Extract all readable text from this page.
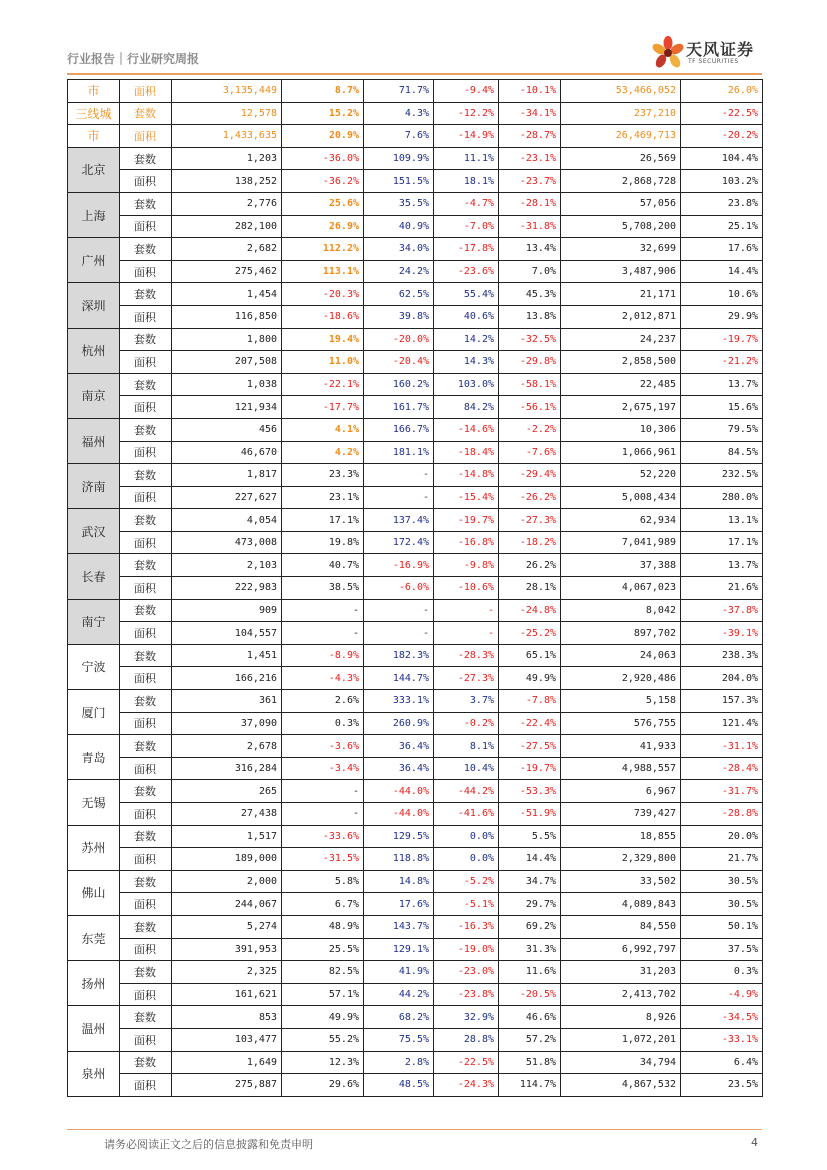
行业报告｜行业研究周报	天风证券
TF SECURITIES
市	面积	3,135,449	8.7%	71.7%	-9.4%	-10.1%	53,466,052	26.0%
三线城	套数	12,578	15.2%	4.3%	-12.2%	-34.1%	237,210	-22.5%
市	面积	1,433,635	20.9%	7.6%	-14.9%	-28.7%	26,469,713	-20.2%
北京	套数	1,203	-36.0%	109.9%	11.1%	-23.1%	26,569	104.4%
	面积	138,252	-36.2%	151.5%	18.1%	-23.7%	2,868,728	103.2%
上海	套数	2,776	25.6%	35.5%	-4.7%	-28.1%	57,056	23.8%
	面积	282,100	26.9%	40.9%	-7.0%	-31.8%	5,708,200	25.1%
广州	套数	2,682	112.2%	34.0%	-17.8%	13.4%	32,699	17.6%
	面积	275,462	113.1%	24.2%	-23.6%	7.0%	3,487,906	14.4%
深圳	套数	1,454	-20.3%	62.5%	55.4%	45.3%	21,171	10.6%
	面积	116,850	-18.6%	39.8%	40.6%	13.8%	2,012,871	29.9%
杭州	套数	1,800	19.4%	-20.0%	14.2%	-32.5%	24,237	-19.7%
	面积	207,508	11.0%	-20.4%	14.3%	-29.8%	2,858,500	-21.2%
南京	套数	1,038	-22.1%	160.2%	103.0%	-58.1%	22,485	13.7%
	面积	121,934	-17.7%	161.7%	84.2%	-56.1%	2,675,197	15.6%
福州	套数	456	4.1%	166.7%	-14.6%	-2.2%	10,306	79.5%
	面积	46,670	4.2%	181.1%	-18.4%	-7.6%	1,066,961	84.5%
济南	套数	1,817	23.3%	-	-14.8%	-29.4%	52,220	232.5%
	面积	227,627	23.1%	-	-15.4%	-26.2%	5,008,434	280.0%
武汉	套数	4,054	17.1%	137.4%	-19.7%	-27.3%	62,934	13.1%
	面积	473,008	19.8%	172.4%	-16.8%	-18.2%	7,041,989	17.1%
长春	套数	2,103	40.7%	-16.9%	-9.8%	26.2%	37,388	13.7%
	面积	222,983	38.5%	-6.0%	-10.6%	28.1%	4,067,023	21.6%
南宁	套数	909	-	-	-	-24.8%	8,042	-37.8%
	面积	104,557	-	-	-	-25.2%	897,702	-39.1%
宁波	套数	1,451	-8.9%	182.3%	-28.3%	65.1%	24,063	238.3%
	面积	166,216	-4.3%	144.7%	-27.3%	49.9%	2,920,486	204.0%
厦门	套数	361	2.6%	333.1%	3.7%	-7.8%	5,158	157.3%
	面积	37,090	0.3%	260.9%	-0.2%	-22.4%	576,755	121.4%
青岛	套数	2,678	-3.6%	36.4%	8.1%	-27.5%	41,933	-31.1%
	面积	316,284	-3.4%	36.4%	10.4%	-19.7%	4,988,557	-28.4%
无锡	套数	265	-	-44.0%	-44.2%	-53.3%	6,967	-31.7%
	面积	27,438	-	-44.0%	-41.6%	-51.9%	739,427	-28.8%
苏州	套数	1,517	-33.6%	129.5%	0.0%	5.5%	18,855	20.0%
	面积	189,000	-31.5%	118.8%	0.0%	14.4%	2,329,800	21.7%
佛山	套数	2,000	5.8%	14.8%	-5.2%	34.7%	33,502	30.5%
	面积	244,067	6.7%	17.6%	-5.1%	29.7%	4,089,843	30.5%
东莞	套数	5,274	48.9%	143.7%	-16.3%	69.2%	84,550	50.1%
	面积	391,953	25.5%	129.1%	-19.0%	31.3%	6,992,797	37.5%
扬州	套数	2,325	82.5%	41.9%	-23.0%	11.6%	31,203	0.3%
	面积	161,621	57.1%	44.2%	-23.8%	-20.5%	2,413,702	-4.9%
温州	套数	853	49.9%	68.2%	32.9%	46.6%	8,926	-34.5%
	面积	103,477	55.2%	75.5%	28.8%	57.2%	1,072,201	-33.1%
泉州	套数	1,649	12.3%	2.8%	-22.5%	51.8%	34,794	6.4%
	面积	275,887	29.6%	48.5%	-24.3%	114.7%	4,867,532	23.5%
请务必阅读正文之后的信息披露和免责申明	4
